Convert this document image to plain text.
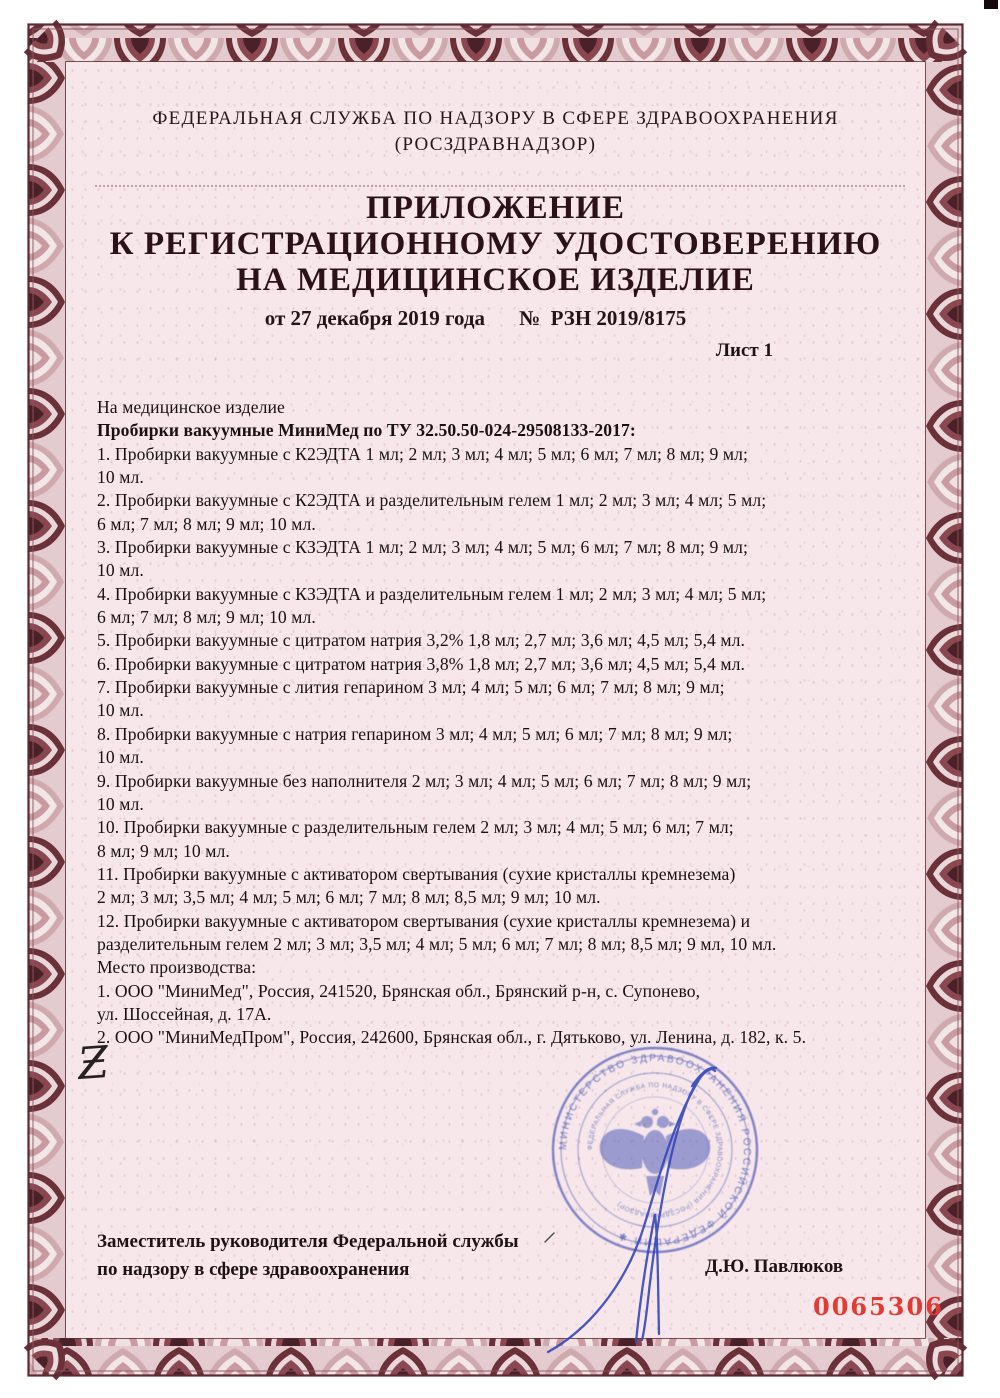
ФЕДЕРАЛЬНАЯ СЛУЖБА ПО НАДЗОРУ В СФЕРЕ ЗДРАВООХРАНЕНИЯ
(РОСЗДРАВНАДЗОР)
ПРИЛОЖЕНИЕ
К РЕГИСТРАЦИОННОМУ УДОСТОВЕРЕНИЮ
НА МЕДИЦИНСКОЕ ИЗДЕЛИЕ
от 27 декабря 2019 года № РЗН 2019/8175
Лист 1
На медицинское изделие
Пробирки вакуумные МиниМед по ТУ 32.50.50-024-29508133-2017:
1. Пробирки вакуумные с К2ЭДТА 1 мл; 2 мл; 3 мл; 4 мл; 5 мл; 6 мл; 7 мл; 8 мл; 9 мл;
10 мл.
2. Пробирки вакуумные с К2ЭДТА и разделительным гелем 1 мл; 2 мл; 3 мл; 4 мл; 5 мл;
6 мл; 7 мл; 8 мл; 9 мл; 10 мл.
3. Пробирки вакуумные с КЗЭДТА 1 мл; 2 мл; 3 мл; 4 мл; 5 мл; 6 мл; 7 мл; 8 мл; 9 мл;
10 мл.
4. Пробирки вакуумные с КЗЭДТА и разделительным гелем 1 мл; 2 мл; 3 мл; 4 мл; 5 мл;
6 мл; 7 мл; 8 мл; 9 мл; 10 мл.
5. Пробирки вакуумные с цитратом натрия 3,2% 1,8 мл; 2,7 мл; 3,6 мл; 4,5 мл; 5,4 мл.
6. Пробирки вакуумные с цитратом натрия 3,8% 1,8 мл; 2,7 мл; 3,6 мл; 4,5 мл; 5,4 мл.
7. Пробирки вакуумные с лития гепарином 3 мл; 4 мл; 5 мл; 6 мл; 7 мл; 8 мл; 9 мл;
10 мл.
8. Пробирки вакуумные с натрия гепарином 3 мл; 4 мл; 5 мл; 6 мл; 7 мл; 8 мл; 9 мл;
10 мл.
9. Пробирки вакуумные без наполнителя 2 мл; 3 мл; 4 мл; 5 мл; 6 мл; 7 мл; 8 мл; 9 мл;
10 мл.
10. Пробирки вакуумные с разделительным гелем 2 мл; 3 мл; 4 мл; 5 мл; 6 мл; 7 мл;
8 мл; 9 мл; 10 мл.
11. Пробирки вакуумные с активатором свертывания (сухие кристаллы кремнезема)
2 мл; 3 мл; 3,5 мл; 4 мл; 5 мл; 6 мл; 7 мл; 8 мл; 8,5 мл; 9 мл; 10 мл.
12. Пробирки вакуумные с активатором свертывания (сухие кристаллы кремнезема) и
разделительным гелем 2 мл; 3 мл; 3,5 мл; 4 мл; 5 мл; 6 мл; 7 мл; 8 мл; 8,5 мл; 9 мл, 10 мл.
Место производства:
1. ООО "МиниМед", Россия, 241520, Брянская обл., Брянский р-н, с. Супонево,
ул. Шоссейная, д. 17А.
2. ООО "МиниМедПром", Россия, 242600, Брянская обл., г. Дятьково, ул. Ленина, д. 182, к. 5.
Ƶ
Заместитель руководителя Федеральной службы
по надзору в сфере здравоохранения	Д.Ю. Павлюков
0065306
МИНИСТЕРСТВО ЗДРАВООХРАНЕНИЯ РОССИЙСКОЙ ФЕДЕРАЦИИ ✱
ФЕДЕРАЛЬНАЯ СЛУЖБА ПО НАДЗОРУ В СФЕРЕ ЗДРАВООХРАНЕНИЯ (РОСЗДРАВНАДЗОР)
